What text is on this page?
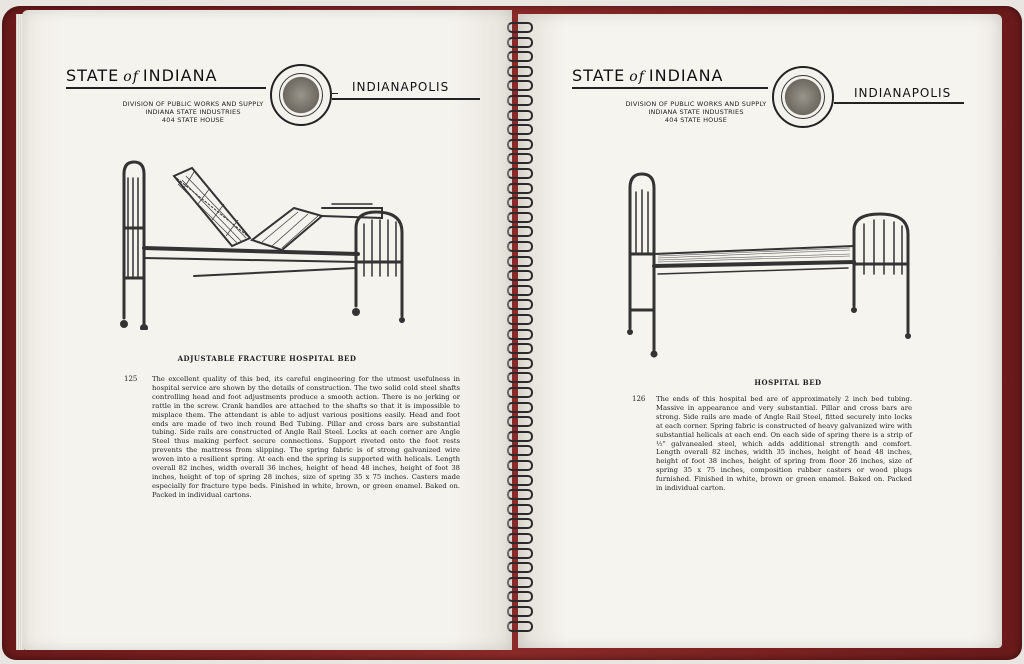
STATE of INDIANA
DIVISION OF PUBLIC WORKS AND SUPPLY
INDIANA STATE INDUSTRIES
404 STATE HOUSE
INDIANAPOLIS
ADJUSTABLE FRACTURE HOSPITAL BED
125 The excellent quality of this bed, its careful engineering for the utmost usefulness in hospital service are shown by the details of construction. The two solid cold steel shafts controlling head and foot adjustments produce a smooth action. There is no jerking or rattle in the screw. Crank handles are attached to the shafts so that it is impossible to misplace them. The attendant is able to adjust various positions easily. Head and foot ends are made of two inch round Bed Tubing. Pillar and cross bars are substantial tubing. Side rails are constructed of Angle Rail Steel. Locks at each corner are Angle Steel thus making perfect secure connections. Support riveted onto the foot rests prevents the mattress from slipping. The spring fabric is of strong galvanized wire woven into a resilient spring. At each end the spring is supported with helicals. Length overall 82 inches, width overall 36 inches, height of head 48 inches, height of foot 38 inches, height of top of spring 28 inches, size of spring 35 x 75 inches. Casters made especially for fracture type beds. Finished in white, brown, or green enamel. Baked on. Packed in individual cartons.
STATE of INDIANA
DIVISION OF PUBLIC WORKS AND SUPPLY
INDIANA STATE INDUSTRIES
404 STATE HOUSE
INDIANAPOLIS
HOSPITAL BED
126 The ends of this hospital bed are of approximately 2 inch bed tubing. Massive in appearance and very substantial. Pillar and cross bars are strong. Side rails are made of Angle Rail Steel, fitted securely into locks at each corner. Spring fabric is constructed of heavy galvanized wire with substantial helicals at each end. On each side of spring there is a strip of ½" galvanealed steel, which adds additional strength and comfort. Length overall 82 inches, width 35 inches, height of head 48 inches, height of foot 38 inches, height of spring from floor 26 inches, size of spring 35 x 75 inches, composition rubber casters or wood plugs furnished. Finished in white, brown or green enamel. Baked on. Packed in individual carton.
